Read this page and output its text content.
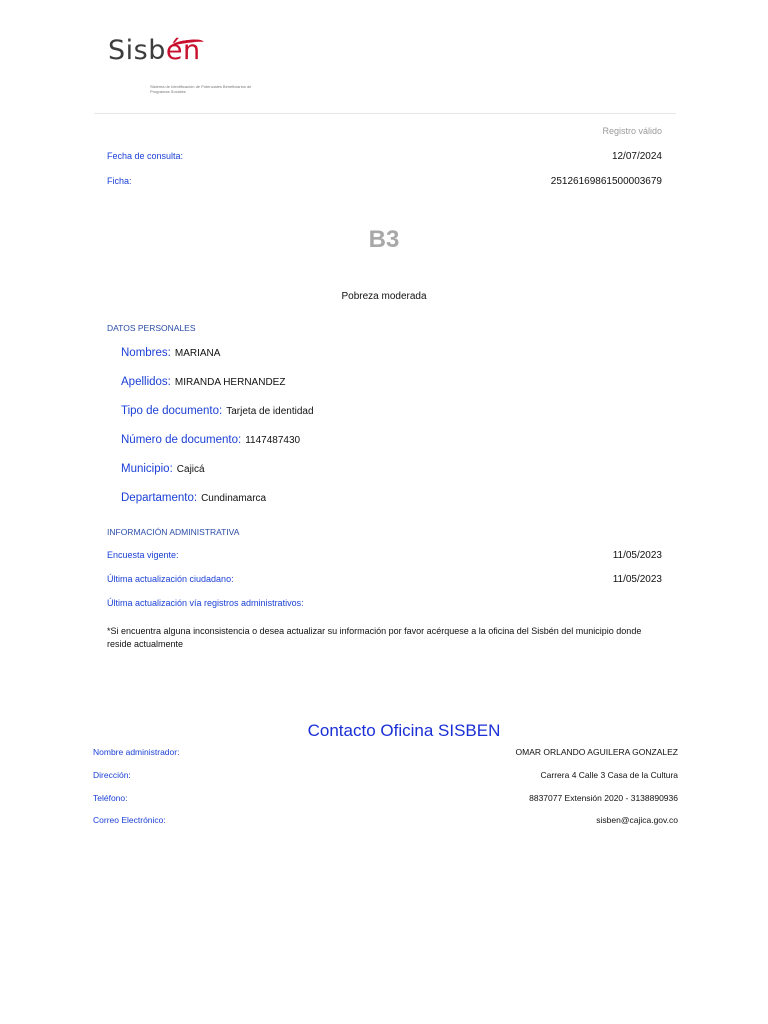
Sisbén
Sistema de Identificación de Potenciales Beneficiarios de Programas Sociales
Registro válido
Fecha de consulta:	12/07/2024
Ficha:	25126169861500003679
B3
Pobreza moderada
DATOS PERSONALES
Nombres: MARIANA
Apellidos: MIRANDA HERNANDEZ
Tipo de documento: Tarjeta de identidad
Número de documento: 1147487430
Municipio: Cajicá
Departamento: Cundinamarca
INFORMACIÓN ADMINISTRATIVA
Encuesta vigente:	11/05/2023
Última actualización ciudadano:	11/05/2023
Última actualización vía registros administrativos:
*Si encuentra alguna inconsistencia o desea actualizar su información por favor acérquese a la oficina del Sisbén del municipio donde reside actualmente
Contacto Oficina SISBEN
Nombre administrador:	OMAR ORLANDO AGUILERA GONZALEZ
Dirección:	Carrera 4 Calle 3 Casa de la Cultura
Teléfono:	8837077 Extensión 2020 - 3138890936
Correo Electrónico:	sisben@cajica.gov.co
